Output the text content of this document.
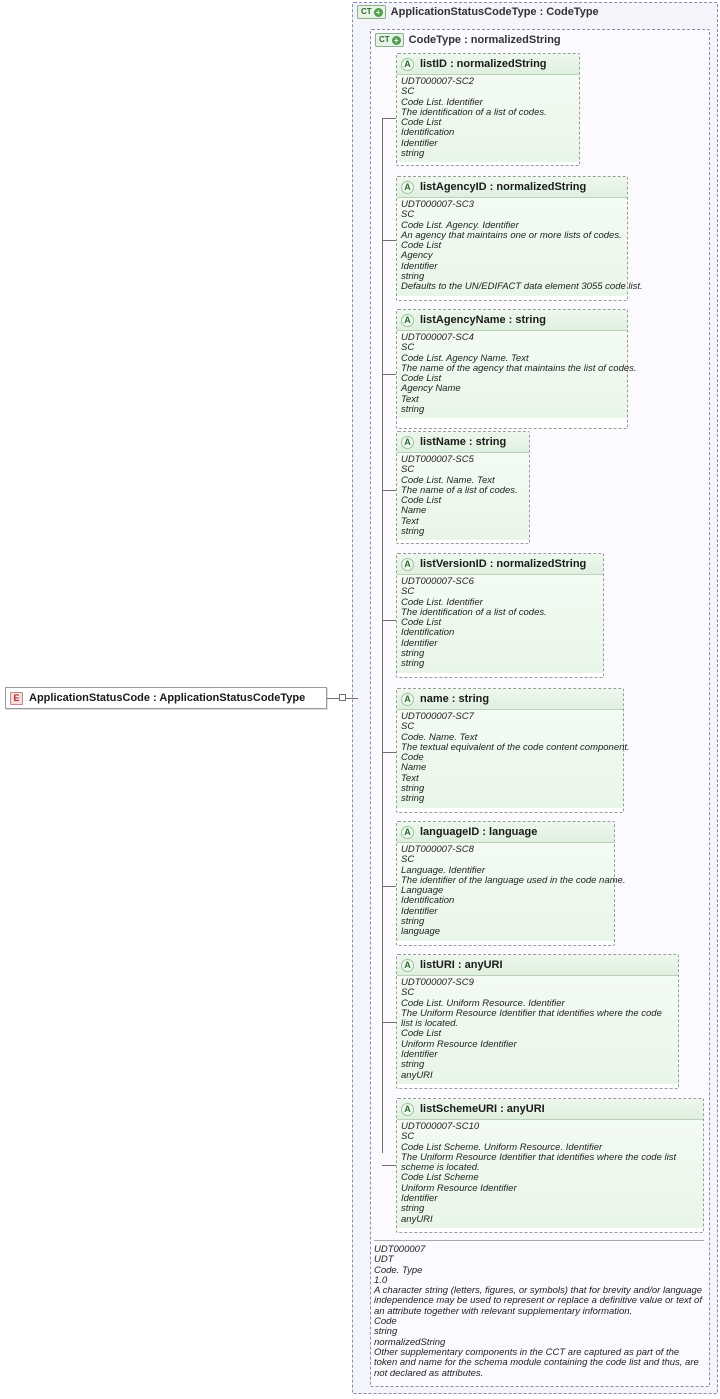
CT + ApplicationStatusCodeType : CodeType
CT + CodeType : normalizedString
E ApplicationStatusCode : ApplicationStatusCodeType
A listID : normalizedString
UDT000007-SC2
SC
Code List. Identifier
The identification of a list of codes.
Code List
Identification
Identifier
string
A listAgencyID : normalizedString
UDT000007-SC3
SC
Code List. Agency. Identifier
An agency that maintains one or more lists of codes.
Code List
Agency
Identifier
string
Defaults to the UN/EDIFACT data element 3055 code list.
A listAgencyName : string
UDT000007-SC4
SC
Code List. Agency Name. Text
The name of the agency that maintains the list of codes.
Code List
Agency Name
Text
string
A listName : string
UDT000007-SC5
SC
Code List. Name. Text
The name of a list of codes.
Code List
Name
Text
string
A listVersionID : normalizedString
UDT000007-SC6
SC
Code List. Identifier
The identification of a list of codes.
Code List
Identification
Identifier
string
string
A name : string
UDT000007-SC7
SC
Code. Name. Text
The textual equivalent of the code content component.
Code
Name
Text
string
string
A languageID : language
UDT000007-SC8
SC
Language. Identifier
The identifier of the language used in the code name.
Language
Identification
Identifier
string
language
A listURI : anyURI
UDT000007-SC9
SC
Code List. Uniform Resource. Identifier
The Uniform Resource Identifier that identifies where the code list is located.
Code List
Uniform Resource Identifier
Identifier
string
anyURI
A listSchemeURI : anyURI
UDT000007-SC10
SC
Code List Scheme. Uniform Resource. Identifier
The Uniform Resource Identifier that identifies where the code list scheme is located.
Code List Scheme
Uniform Resource Identifier
Identifier
string
anyURI
UDT000007
UDT
Code. Type
1.0
A character string (letters, figures, or symbols) that for brevity and/or language independence may be used to represent or replace a definitive value or text of an attribute together with relevant supplementary information.
Code
string
normalizedString
Other supplementary components in the CCT are captured as part of the token and name for the schema module containing the code list and thus, are not declared as attributes.
